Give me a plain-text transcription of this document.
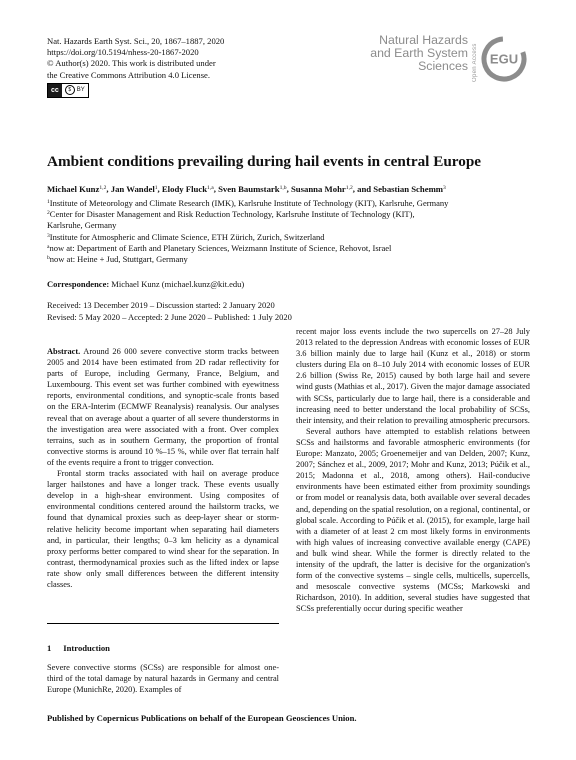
Nat. Hazards Earth Syst. Sci., 20, 1867–1887, 2020
https://doi.org/10.5194/nhess-20-1867-2020
© Author(s) 2020. This work is distributed under
the Creative Commons Attribution 4.0 License.
cc	$ BY
Natural Hazards
and Earth System
Sciences Open Access EGU
Ambient conditions prevailing during hail events in central Europe
Michael Kunz$^{1,2}$, Jan Wandel$^1$, Elody Fluck$^{1,a}$, Sven Baumstark$^{1,b}$, Susanna Mohr$^{1,2}$, and Sebastian Schemm$^3$
$^1$Institute of Meteorology and Climate Research (IMK), Karlsruhe Institute of Technology (KIT), Karlsruhe, Germany
$^2$Center for Disaster Management and Risk Reduction Technology, Karlsruhe Institute of Technology (KIT),
Karlsruhe, Germany
$^3$Institute for Atmospheric and Climate Science, ETH Zürich, Zurich, Switzerland
$^a$now at: Department of Earth and Planetary Sciences, Weizmann Institute of Science, Rehovot, Israel
$^b$now at: Heine + Jud, Stuttgart, Germany
Correspondence: Michael Kunz (michael.kunz@kit.edu)
Received: 13 December 2019 – Discussion started: 2 January 2020
Revised: 5 May 2020 – Accepted: 2 June 2020 – Published: 1 July 2020

Abstract. Around 26 000 severe convective storm tracks between 2005 and 2014 have been estimated from 2D radar reflectivity for parts of Europe, including Germany, France, Belgium, and Luxembourg. This event set was further combined with eyewitness reports, environmental conditions, and synoptic-scale fronts based on the ERA-Interim (ECMWF Reanalysis) reanalysis. Our analyses reveal that on average about a quarter of all severe thunderstorms in the investigation area were associated with a front. Over complex terrains, such as in southern Germany, the proportion of frontal convective storms is around 10 %–15 %, while over flat terrain half of the events require a front to trigger convection.

Frontal storm tracks associated with hail on average produce larger hailstones and have a longer track. These events usually develop in a high-shear environment. Using composites of environmental conditions centered around the hailstorm tracks, we found that dynamical proxies such as deep-layer shear or storm-relative helicity become important when separating hail diameters and, in particular, their lengths; 0–3 km helicity as a dynamical proxy performs better compared to wind shear for the separation. In contrast, thermodynamical proxies such as the lifted index or lapse rate show only small differences between the different intensity classes.

1 Introduction
Severe convective storms (SCSs) are responsible for almost one-third of the total damage by natural hazards in Germany and central Europe (MunichRe, 2020). Examples of

recent major loss events include the two supercells on 27–28 July 2013 related to the depression Andreas with economic losses of EUR 3.6 billion mainly due to large hail (Kunz et al., 2018) or storm clusters during Ela on 8–10 July 2014 with economic losses of EUR 2.6 billion (Swiss Re, 2015) caused by both large hail and severe wind gusts (Mathias et al., 2017). Given the major damage associated with SCSs, particularly due to large hail, there is a considerable and increasing need to better understand the local probability of SCSs, their intensity, and their relation to prevailing atmospheric precursors.

Several authors have attempted to establish relations between SCSs and hailstorms and favorable atmospheric environments (for Europe: Manzato, 2005; Groenemeijer and van Delden, 2007; Kunz, 2007; Sánchez et al., 2009, 2017; Mohr and Kunz, 2013; Púčik et al., 2015; Madonna et al., 2018, among others). Hail-conducive environments have been estimated either from proximity soundings or from model or reanalysis data, both available over several decades and, depending on the spatial resolution, on a regional, continental, or global scale. According to Púčik et al. (2015), for example, large hail with a diameter of at least 2 cm most likely forms in environments with high values of increasing convective available energy (CAPE) and bulk wind shear. While the former is directly related to the intensity of the updraft, the latter is decisive for the organization's form of the convective systems – single cells, multicells, supercells, and mesoscale convective systems (MCSs; Markowski and Richardson, 2010). In addition, several studies have suggested that SCSs preferentially occur during specific weather

Published by Copernicus Publications on behalf of the European Geosciences Union.
